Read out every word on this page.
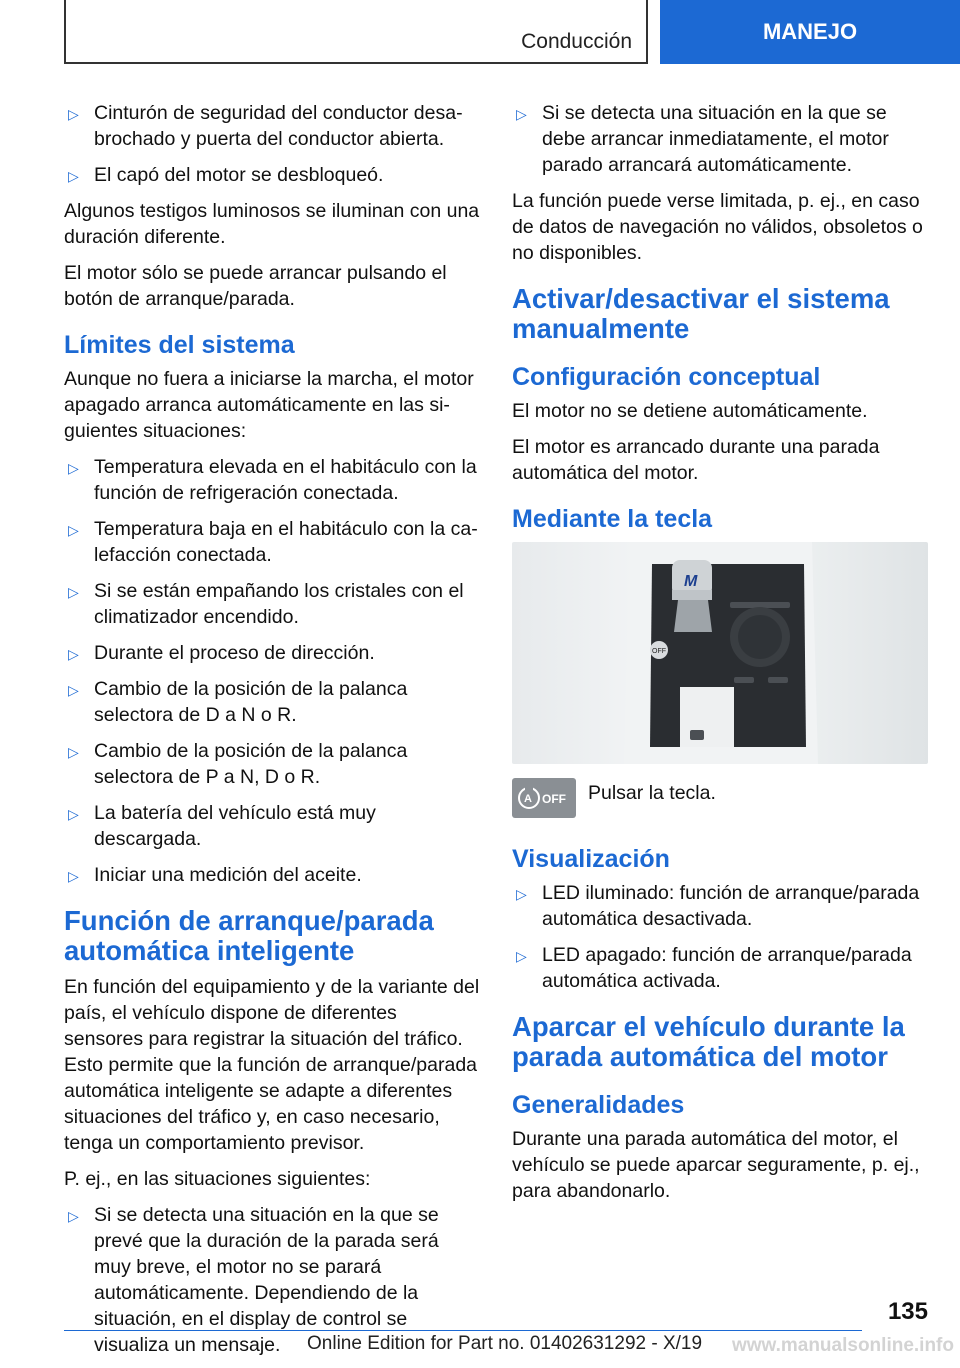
Conducción	MANEJO
▷ Cinturón de seguridad del conductor desabrochado y puerta del conductor abierta.
▷ El capó del motor se desbloqueó.

Algunos testigos luminosos se iluminan con una duración diferente.

El motor sólo se puede arrancar pulsando el botón de arranque/parada.

Límites del sistema

Aunque no fuera a iniciarse la marcha, el motor apagado arranca automáticamente en las siguientes situaciones:

▷ Temperatura elevada en el habitáculo con la función de refrigeración conectada.
▷ Temperatura baja en el habitáculo con la calefacción conectada.
▷ Si se están empañando los cristales con el climatizador encendido.
▷ Durante el proceso de dirección.
▷ Cambio de la posición de la palanca selectora de D a N o R.
▷ Cambio de la posición de la palanca selectora de P a N, D o R.
▷ La batería del vehículo está muy descargada.
▷ Iniciar una medición del aceite.
Función de arranque/parada automática inteligente

En función del equipamiento y de la variante del país, el vehículo dispone de diferentes sensores para registrar la situación del tráfico. Esto permite que la función de arranque/parada automática inteligente se adapte a diferentes situaciones del tráfico y, en caso necesario, tenga un comportamiento previsor.

P. ej., en las situaciones siguientes:

▷ Si se detecta una situación en la que se prevé que la duración de la parada será muy breve, el motor no se parará automáticamente. Dependiendo de la situación, en el display de control se visualiza un mensaje.
▷ Si se detecta una situación en la que se debe arrancar inmediatamente, el motor parado arrancará automáticamente.

La función puede verse limitada, p. ej., en caso de datos de navegación no válidos, obsoletos o no disponibles.

Activar/desactivar el sistema manualmente
Configuración conceptual

El motor no se detiene automáticamente.

El motor es arrancado durante una parada automática del motor.

Mediante la tecla
M
OFF
A OFF Pulsar la tecla.

Visualización
▷ LED iluminado: función de arranque/parada automática desactivada.
▷ LED apagado: función de arranque/parada automática activada.
Aparcar el vehículo durante la parada automática del motor
Generalidades

Durante una parada automática del motor, el vehículo se puede aparcar seguramente, p. ej., para abandonarlo.

135
Online Edition for Part no. 01402631292 - X/19 www.manualsonline.info
